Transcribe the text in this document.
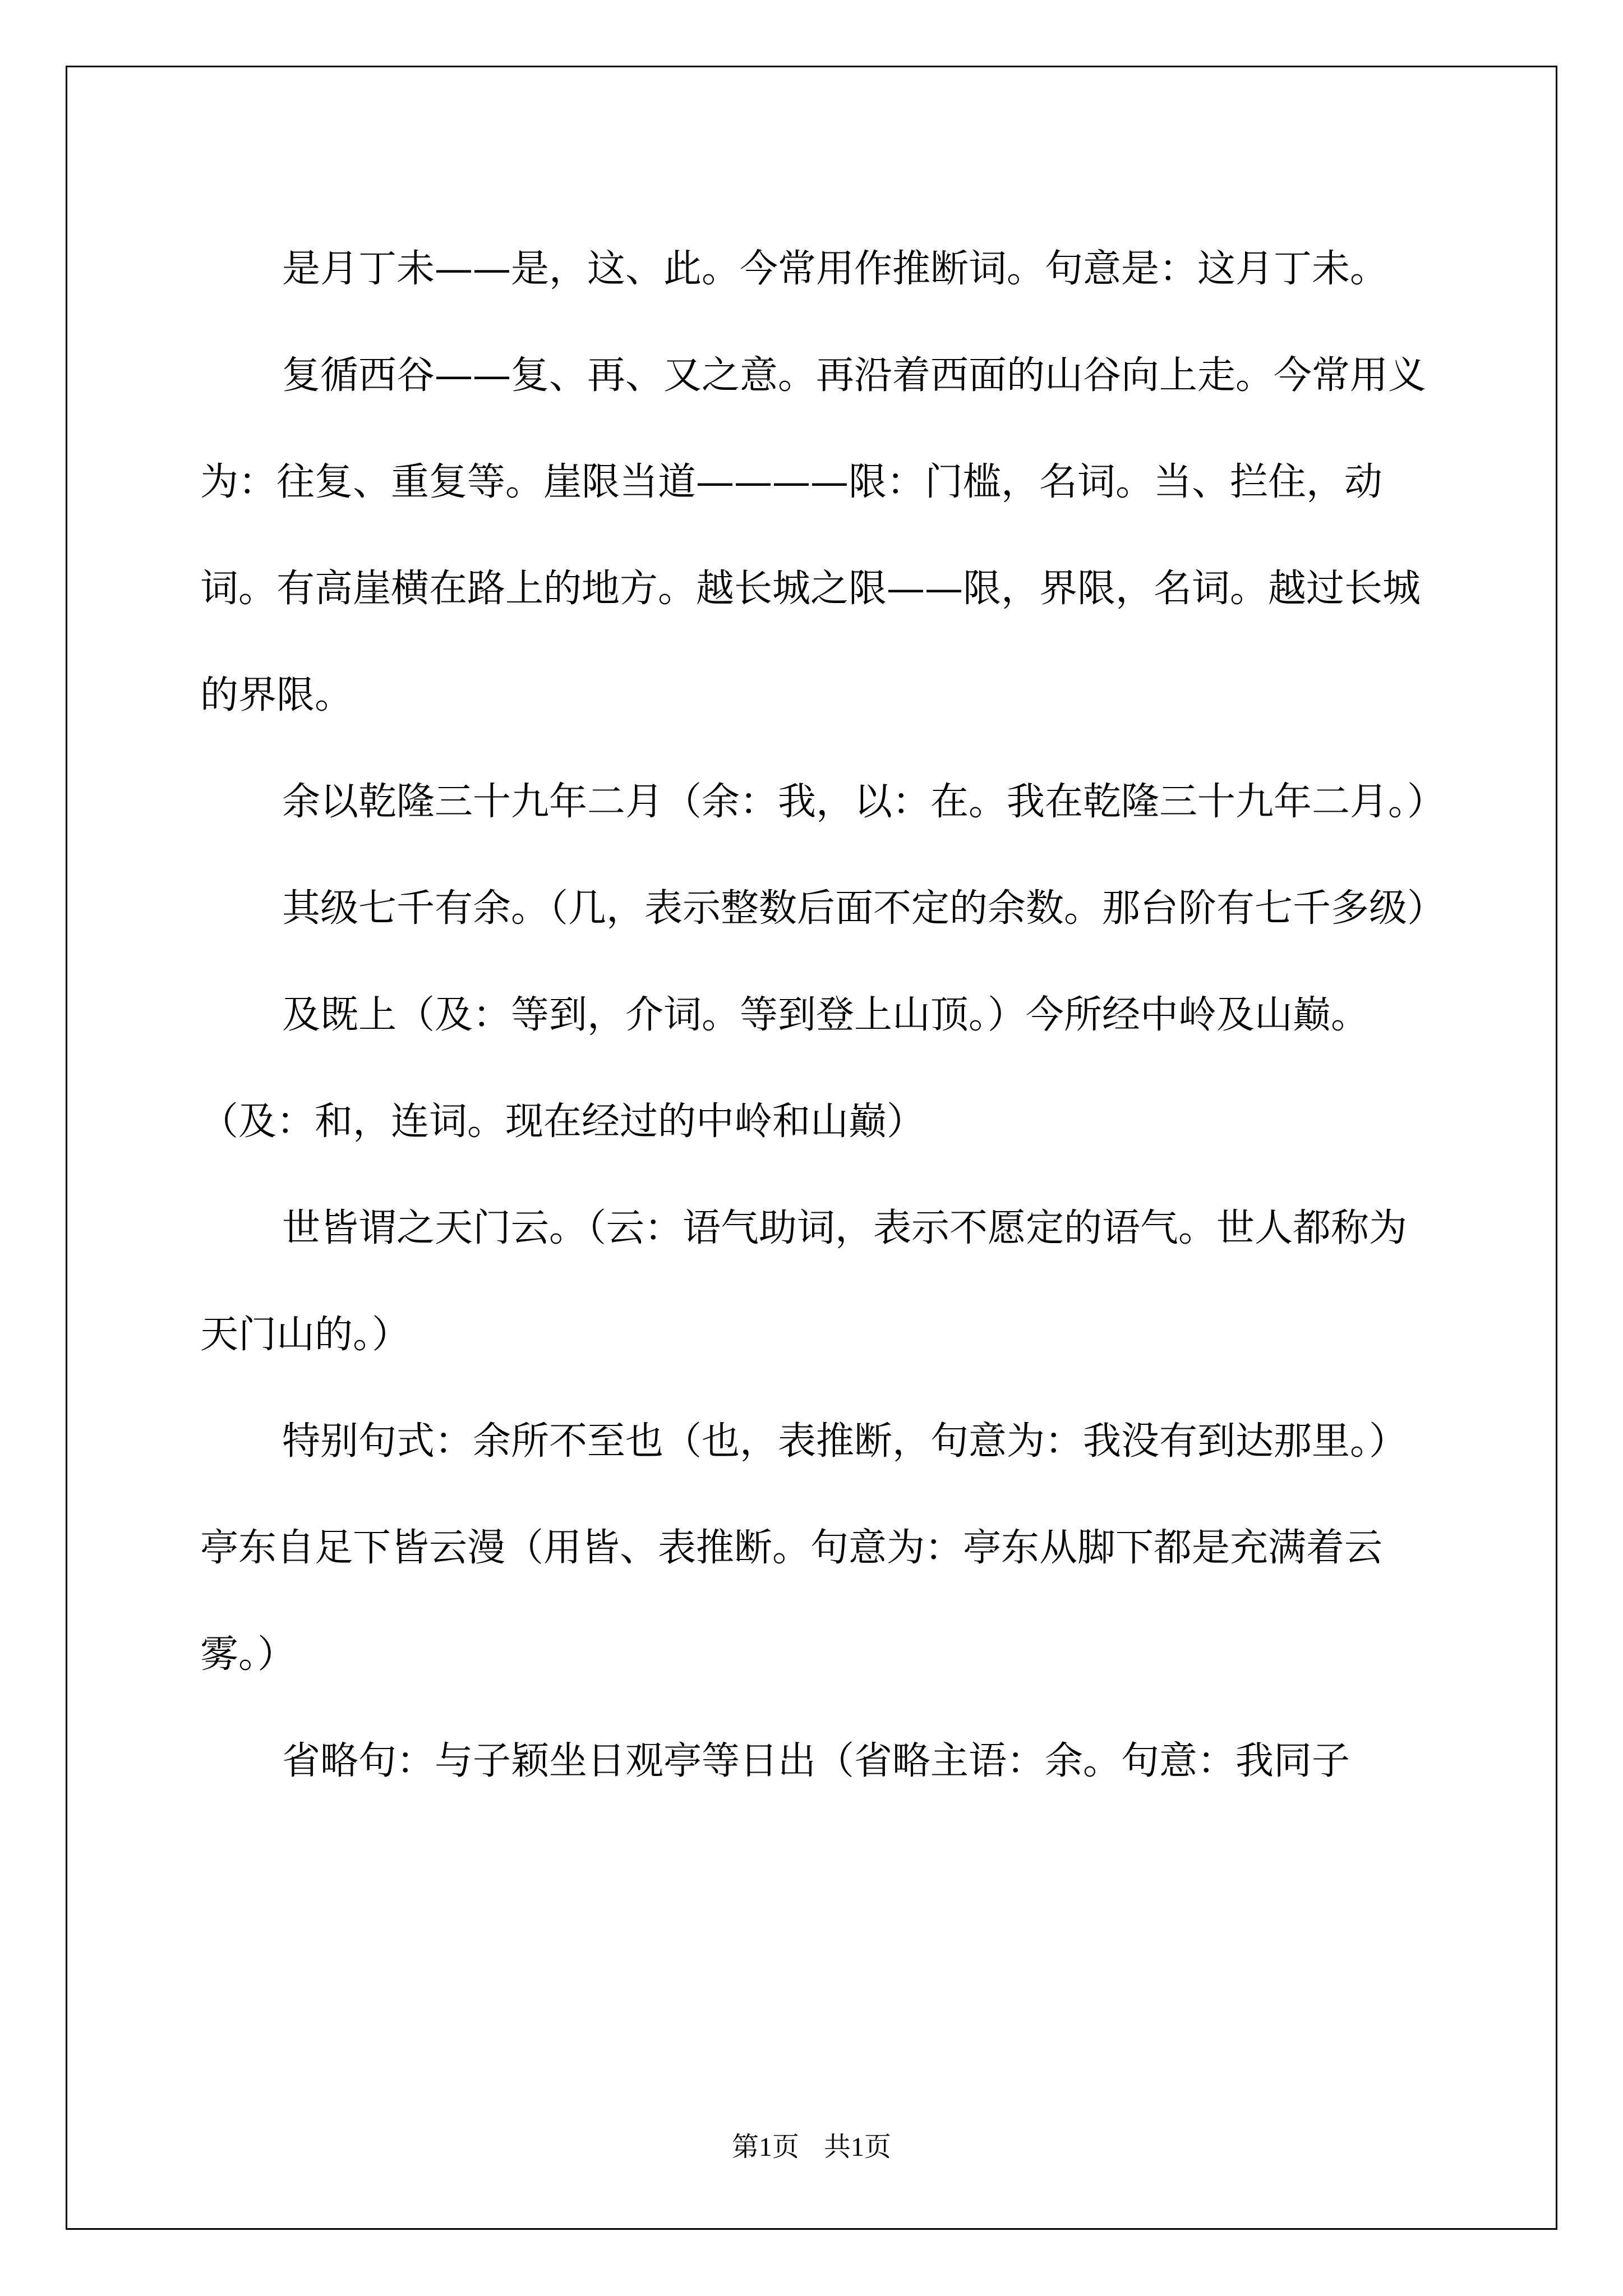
是月丁未——是，这、此。今常用作推断词。句意是：这月丁未。

复循西谷——复、再、又之意。再沿着西面的山谷向上走。今常用义为：往复、重复等。崖限当道————限：门槛，名词。当、拦住，动词。有高崖横在路上的地方。越长城之限——限，界限，名词。越过长城的界限。

余以乾隆三十九年二月（余：我，以：在。我在乾隆三十九年二月。）

其级七千有余。（几，表示整数后面不定的余数。那台阶有七千多级）

及既上（及：等到，介词。等到登上山顶。）今所经中岭及山巅。（及：和，连词。现在经过的中岭和山巅）

世皆谓之天门云。（云：语气助词，表示不愿定的语气。世人都称为天门山的。）

特别句式：余所不至也（也，表推断，句意为：我没有到达那里。）

亭东自足下皆云漫（用皆、表推断。句意为：亭东从脚下都是充满着云雾。）

省略句：与子颖坐日观亭等日出（省略主语：余。句意：我同子

第1页 共1页
